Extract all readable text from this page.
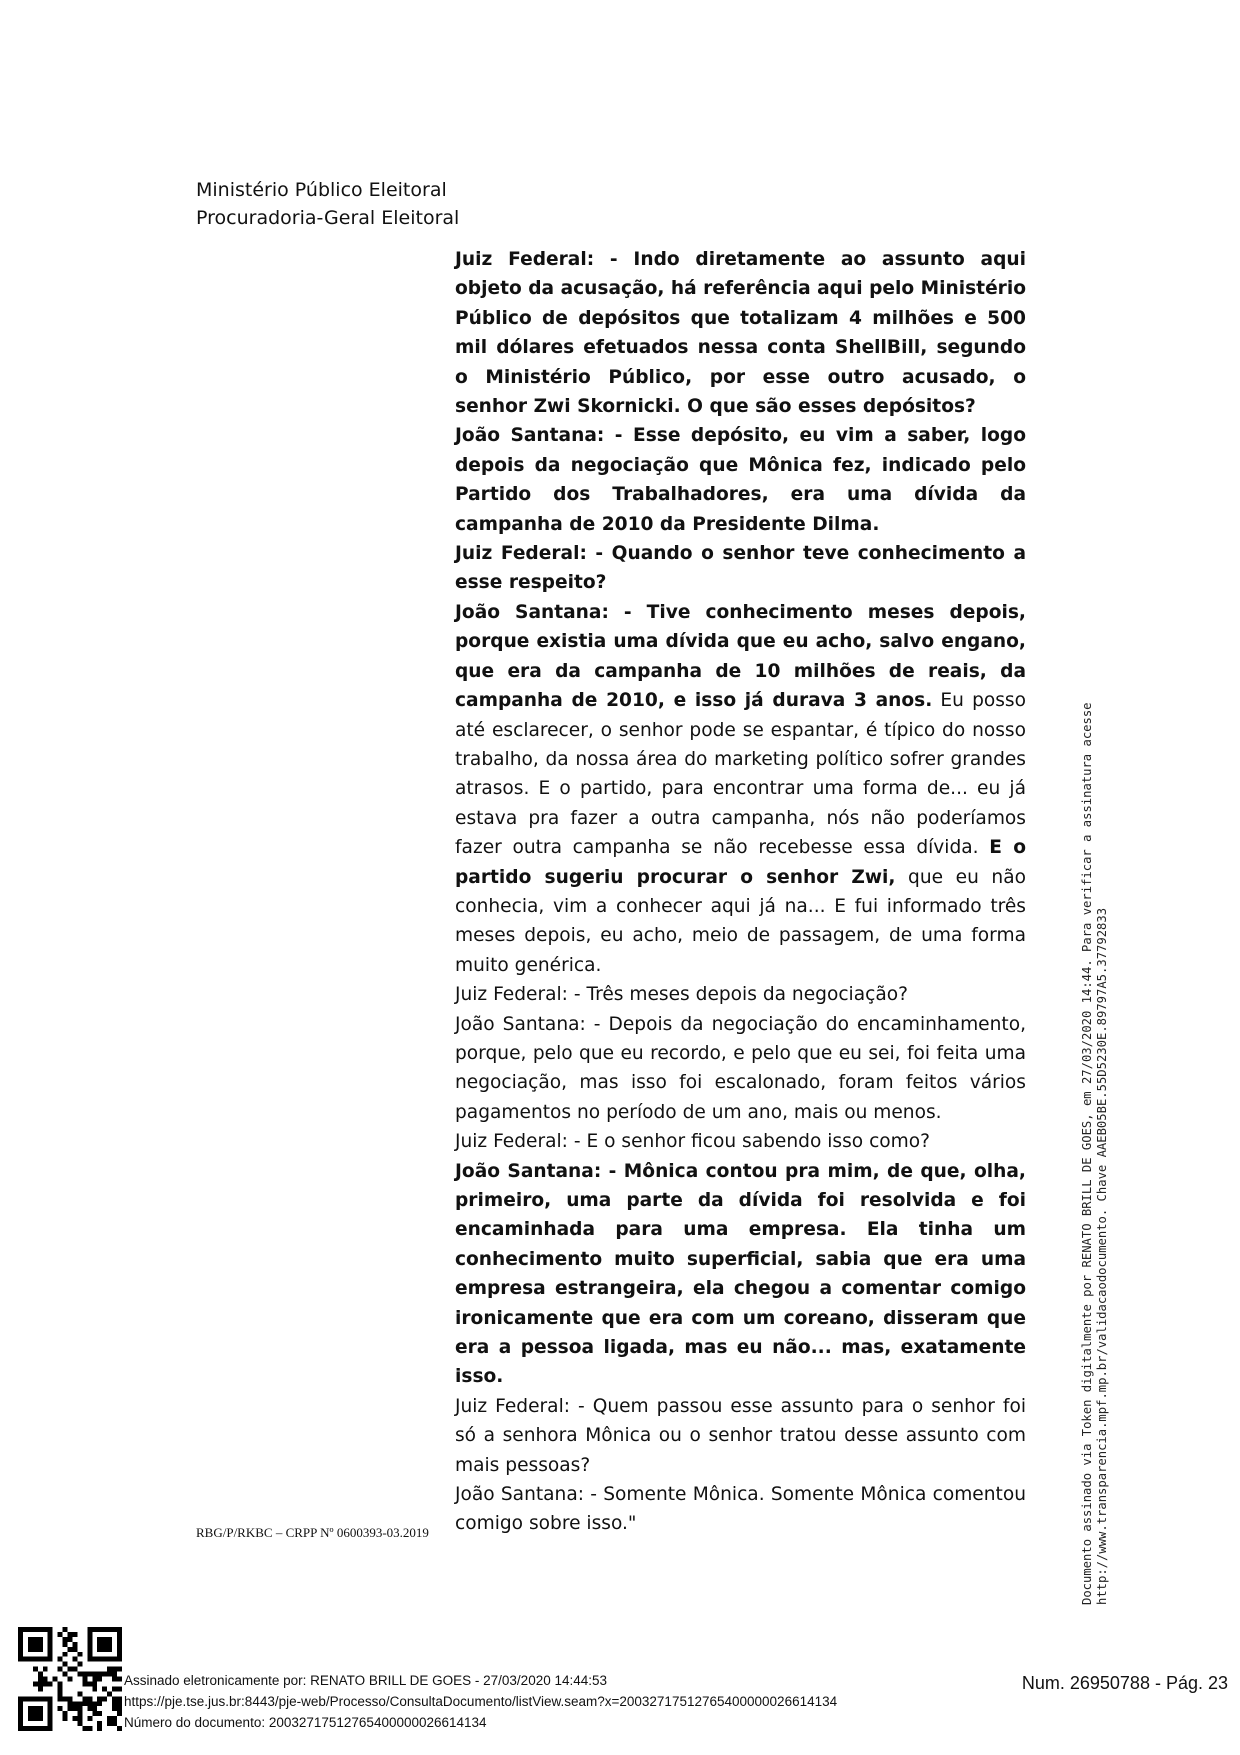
Ministério Público Eleitoral
Procuradoria-Geral Eleitoral

Juiz Federal: - Indo diretamente ao assunto aqui objeto da acusação, há referência aqui pelo Ministério Público de depósitos que totalizam 4 milhões e 500 mil dólares efetuados nessa conta ShellBill, segundo o Ministério Público, por esse outro acusado, o senhor Zwi Skornicki. O que são esses depósitos?

João Santana: - Esse depósito, eu vim a saber, logo depois da negociação que Mônica fez, indicado pelo Partido dos Trabalhadores, era uma dívida da campanha de 2010 da Presidente Dilma.

Juiz Federal: - Quando o senhor teve conhecimento a esse respeito?

João Santana: - Tive conhecimento meses depois, porque existia uma dívida que eu acho, salvo engano, que era da campanha de 10 milhões de reais, da campanha de 2010, e isso já durava 3 anos. Eu posso até esclarecer, o senhor pode se espantar, é típico do nosso trabalho, da nossa área do marketing político sofrer grandes atrasos. E o partido, para encontrar uma forma de... eu já estava pra fazer a outra campanha, nós não poderíamos fazer outra campanha se não recebesse essa dívida. E o partido sugeriu procurar o senhor Zwi, que eu não conhecia, vim a conhecer aqui já na... E fui informado três meses depois, eu acho, meio de passagem, de uma forma muito genérica.

Juiz Federal: - Três meses depois da negociação?

João Santana: - Depois da negociação do encaminhamento, porque, pelo que eu recordo, e pelo que eu sei, foi feita uma negociação, mas isso foi escalonado, foram feitos vários pagamentos no período de um ano, mais ou menos.

Juiz Federal: - E o senhor ficou sabendo isso como?

João Santana: - Mônica contou pra mim, de que, olha, primeiro, uma parte da dívida foi resolvida e foi encaminhada para uma empresa. Ela tinha um conhecimento muito superficial, sabia que era uma empresa estrangeira, ela chegou a comentar comigo ironicamente que era com um coreano, disseram que era a pessoa ligada, mas eu não... mas, exatamente isso.

Juiz Federal: - Quem passou esse assunto para o senhor foi só a senhora Mônica ou o senhor tratou desse assunto com mais pessoas?

João Santana: - Somente Mônica. Somente Mônica comentou comigo sobre isso."

RBG/P/RKBC – CRPP Nº 0600393-03.2019	Documento assinado via Token digitalmente por RENATO BRILL DE GOES, em 27/03/2020 14:44. Para verificar a assinatura acesse http://www.transparencia.mpf.mp.br/validacaodocumento. Chave AAEB05BE.55D5230E.89797A5.37792833
Assinado eletronicamente por: RENATO BRILL DE GOES - 27/03/2020 14:44:53
https://pje.tse.jus.br:8443/pje-web/Processo/ConsultaDocumento/listView.seam?x=20032717512765400000026614134
Número do documento: 20032717512765400000026614134
Num. 26950788 - Pág. 23
